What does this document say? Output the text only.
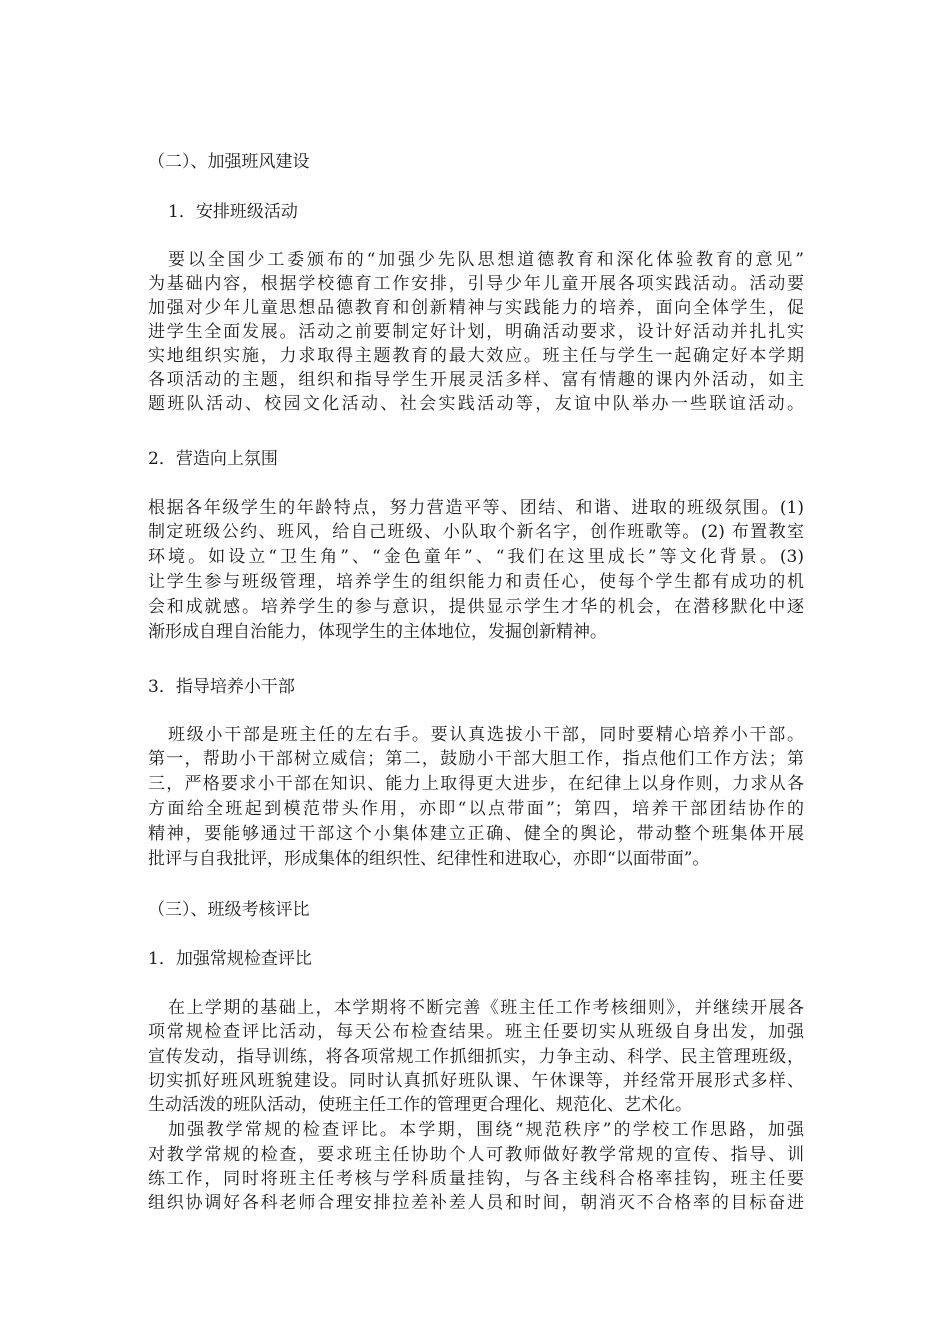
（二）、加强班风建设
1．安排班级活动
要以全国少工委颁布的“加强少先队思想道德教育和深化体验教育的意见”
为基础内容，根据学校德育工作安排，引导少年儿童开展各项实践活动。活动要
加强对少年儿童思想品德教育和创新精神与实践能力的培养，面向全体学生，促
进学生全面发展。活动之前要制定好计划，明确活动要求，设计好活动并扎扎实
实地组织实施，力求取得主题教育的最大效应。班主任与学生一起确定好本学期
各项活动的主题，组织和指导学生开展灵活多样、富有情趣的课内外活动，如主
题班队活动、校园文化活动、社会实践活动等，友谊中队举办一些联谊活动。
2．营造向上氛围
根据各年级学生的年龄特点，努力营造平等、团结、和谐、进取的班级氛围。(1)
制定班级公约、班风，给自己班级、小队取个新名字，创作班歌等。(2) 布置教室
环境。如设立“卫生角”、“金色童年”、“我们在这里成长”等文化背景。(3)
让学生参与班级管理，培养学生的组织能力和责任心，使每个学生都有成功的机
会和成就感。培养学生的参与意识，提供显示学生才华的机会，在潜移默化中逐
渐形成自理自治能力，体现学生的主体地位，发掘创新精神。
3．指导培养小干部
班级小干部是班主任的左右手。要认真选拔小干部，同时要精心培养小干部。
第一，帮助小干部树立威信；第二，鼓励小干部大胆工作，指点他们工作方法；第
三，严格要求小干部在知识、能力上取得更大进步，在纪律上以身作则，力求从各
方面给全班起到模范带头作用，亦即“以点带面”；第四，培养干部团结协作的
精神，要能够通过干部这个小集体建立正确、健全的舆论，带动整个班集体开展
批评与自我批评，形成集体的组织性、纪律性和进取心，亦即“以面带面”。
（三）、班级考核评比
1．加强常规检查评比
在上学期的基础上，本学期将不断完善《班主任工作考核细则》，并继续开展各
项常规检查评比活动，每天公布检查结果。班主任要切实从班级自身出发，加强
宣传发动，指导训练，将各项常规工作抓细抓实，力争主动、科学、民主管理班级，
切实抓好班风班貌建设。同时认真抓好班队课、午休课等，并经常开展形式多样、
生动活泼的班队活动，使班主任工作的管理更合理化、规范化、艺术化。
加强教学常规的检查评比。本学期，围绕“规范秩序”的学校工作思路，加强
对教学常规的检查，要求班主任协助个人可教师做好教学常规的宣传、指导、训
练工作，同时将班主任考核与学科质量挂钩，与各主线科合格率挂钩，班主任要
组织协调好各科老师合理安排拉差补差人员和时间，朝消灭不合格率的目标奋进
